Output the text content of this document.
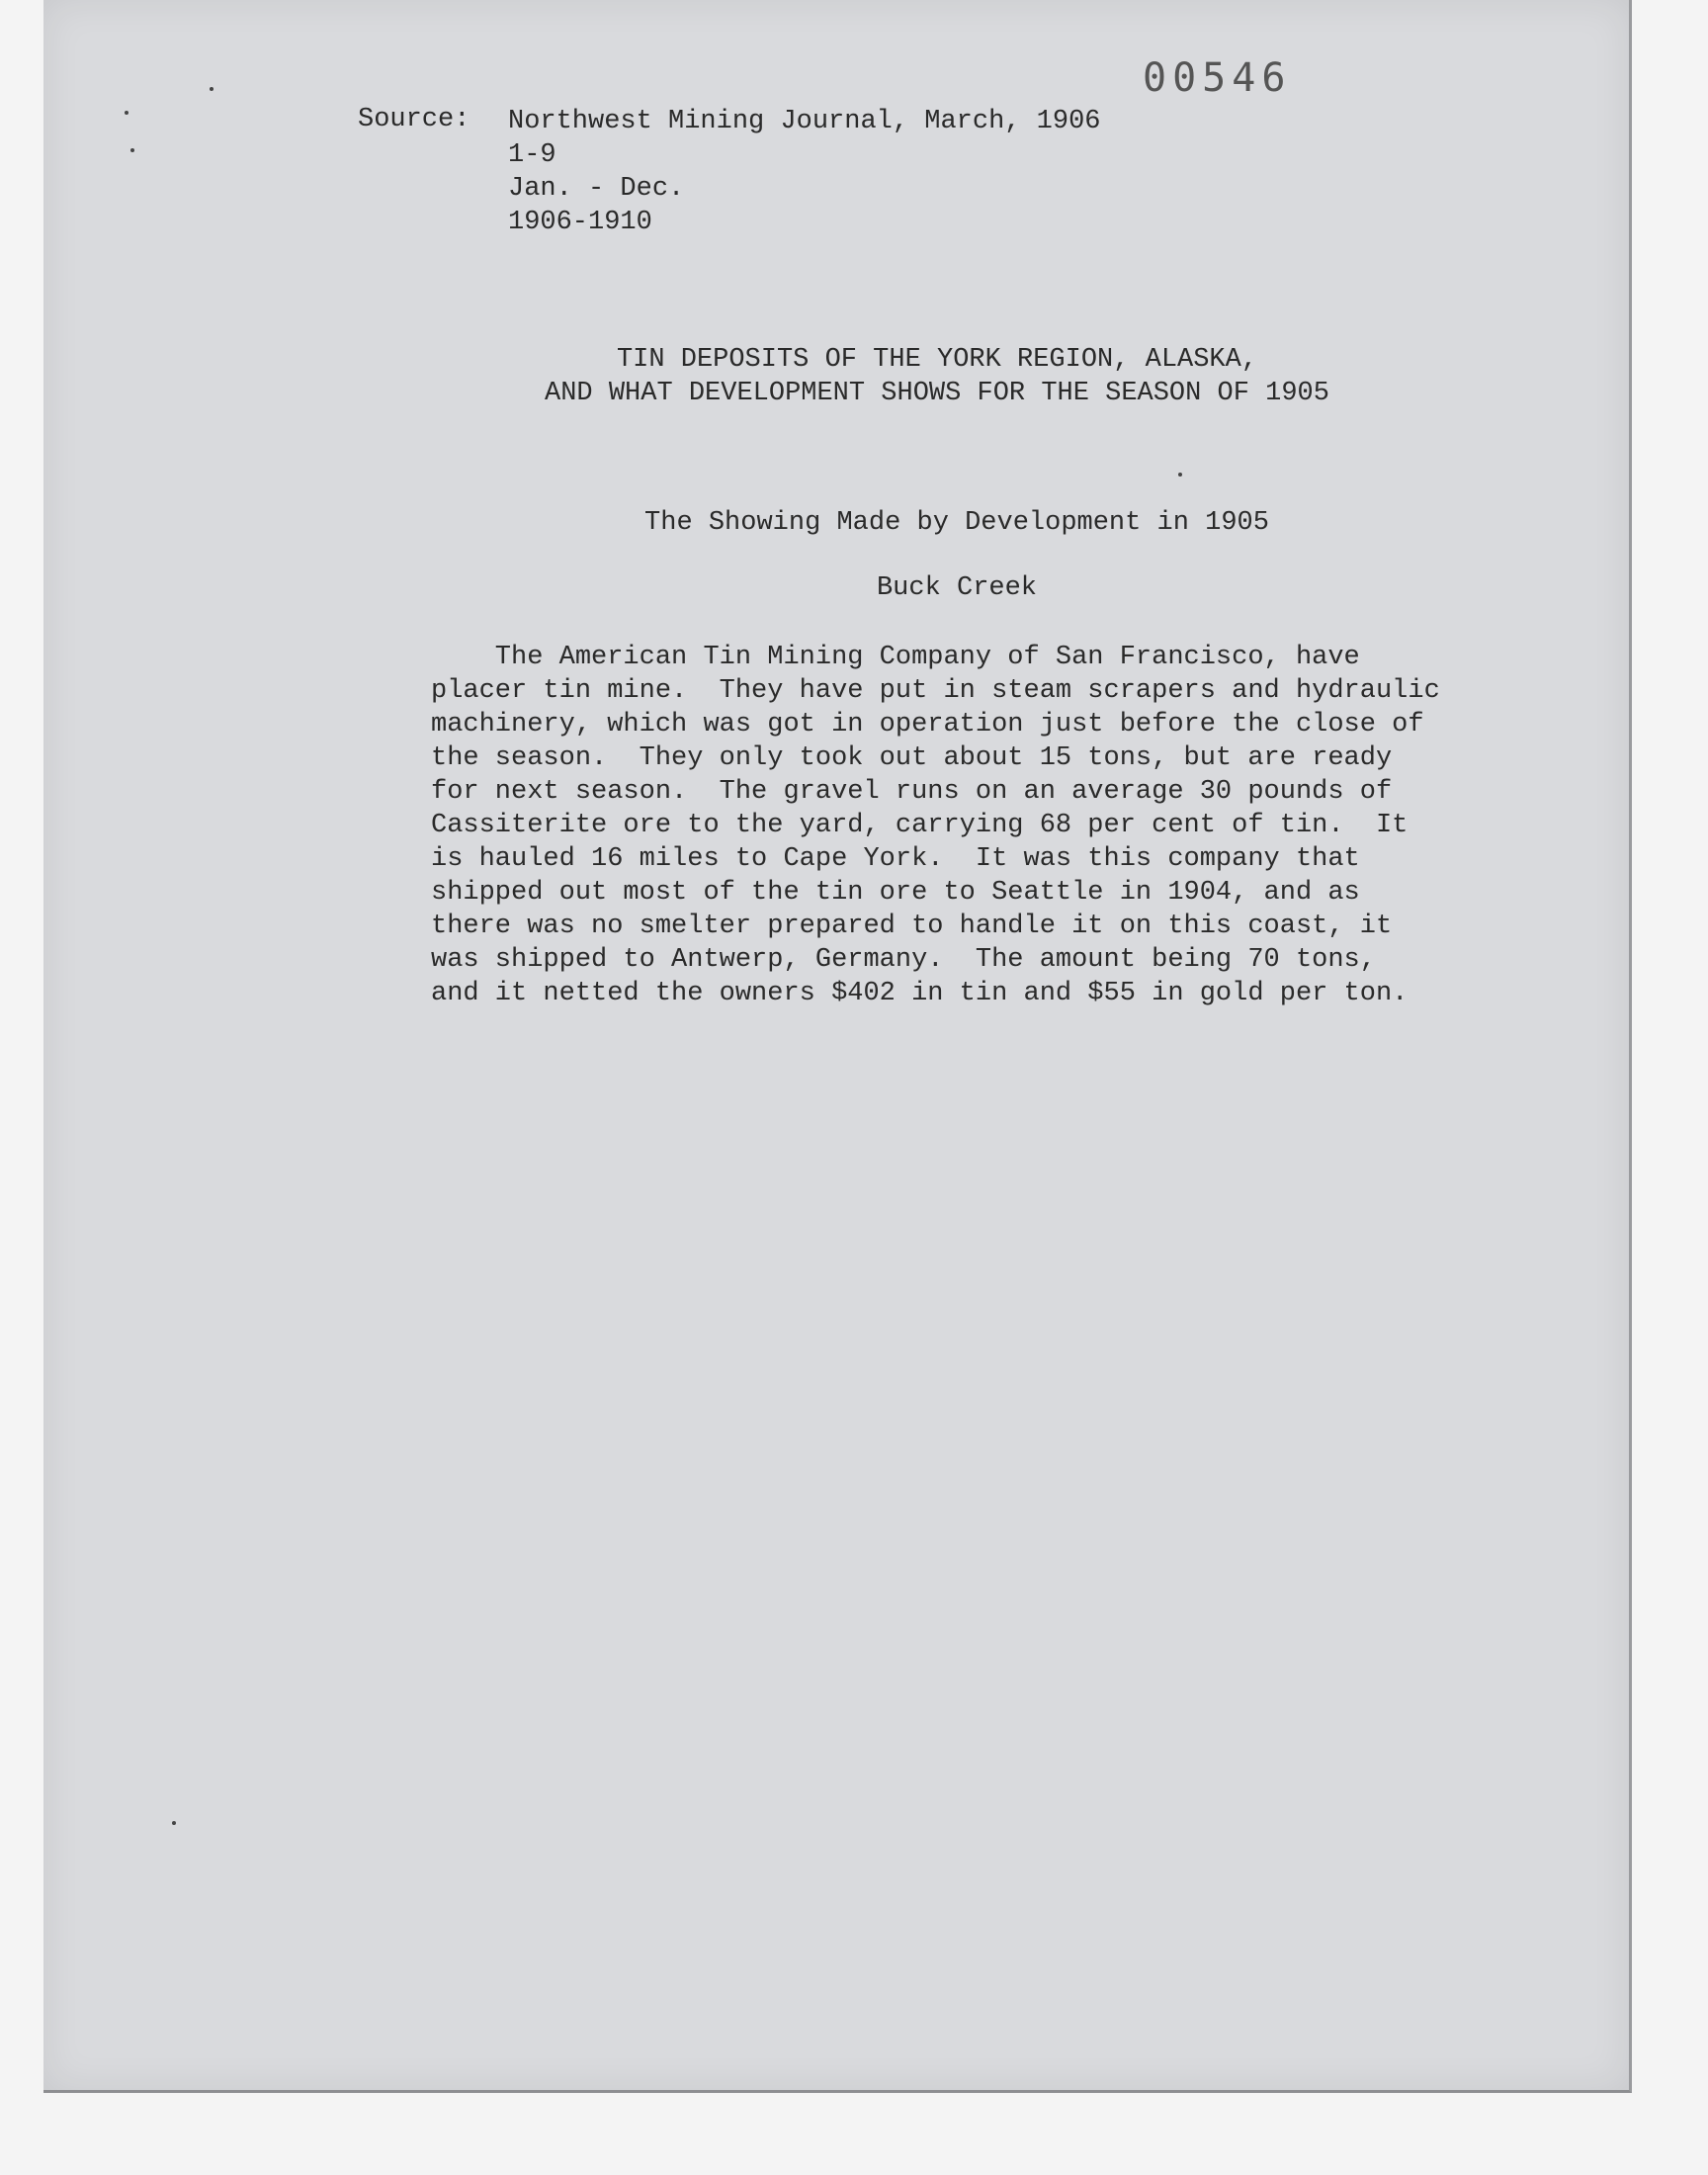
00546
Source: Northwest Mining Journal, March, 1906
1-9
Jan. - Dec.
1906-1910
TIN DEPOSITS OF THE YORK REGION, ALASKA,
AND WHAT DEVELOPMENT SHOWS FOR THE SEASON OF 1905
The Showing Made by Development in 1905
Buck Creek
The American Tin Mining Company of San Francisco, have
placer tin mine.  They have put in steam scrapers and hydraulic
machinery, which was got in operation just before the close of
the season.  They only took out about 15 tons, but are ready
for next season.  The gravel runs on an average 30 pounds of
Cassiterite ore to the yard, carrying 68 per cent of tin.  It
is hauled 16 miles to Cape York.  It was this company that
shipped out most of the tin ore to Seattle in 1904, and as
there was no smelter prepared to handle it on this coast, it
was shipped to Antwerp, Germany.  The amount being 70 tons,
and it netted the owners $402 in tin and $55 in gold per ton.
